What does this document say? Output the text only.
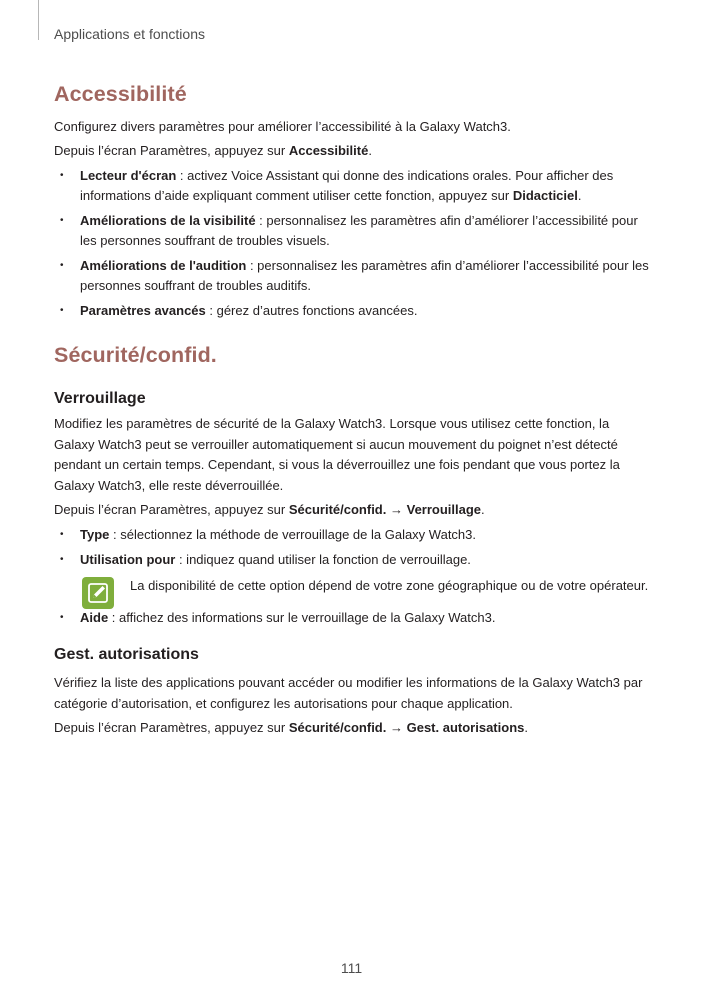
Applications et fonctions
Accessibilité

Configurez divers paramètres pour améliorer l’accessibilité à la Galaxy Watch3.

Depuis l’écran Paramètres, appuyez sur Accessibilité.

• Lecteur d'écran : activez Voice Assistant qui donne des indications orales. Pour afficher des informations d’aide expliquant comment utiliser cette fonction, appuyez sur Didacticiel.
• Améliorations de la visibilité : personnalisez les paramètres afin d’améliorer l’accessibilité pour les personnes souffrant de troubles visuels.
• Améliorations de l'audition : personnalisez les paramètres afin d’améliorer l’accessibilité pour les personnes souffrant de troubles auditifs.
• Paramètres avancés : gérez d’autres fonctions avancées.
Sécurité/confid.
Verrouillage

Modifiez les paramètres de sécurité de la Galaxy Watch3. Lorsque vous utilisez cette fonction, la Galaxy Watch3 peut se verrouiller automatiquement si aucun mouvement du poignet n’est détecté pendant un certain temps. Cependant, si vous la déverrouillez une fois pendant que vous portez la Galaxy Watch3, elle reste déverrouillée.

Depuis l’écran Paramètres, appuyez sur Sécurité/confid. → Verrouillage.

• Type : sélectionnez la méthode de verrouillage de la Galaxy Watch3.
• Utilisation pour : indiquez quand utiliser la fonction de verrouillage.

La disponibilité de cette option dépend de votre zone géographique ou de votre opérateur.

• Aide : affichez des informations sur le verrouillage de la Galaxy Watch3.
Gest. autorisations

Vérifiez la liste des applications pouvant accéder ou modifier les informations de la Galaxy Watch3 par catégorie d’autorisation, et configurez les autorisations pour chaque application.

Depuis l’écran Paramètres, appuyez sur Sécurité/confid. → Gest. autorisations.

111
